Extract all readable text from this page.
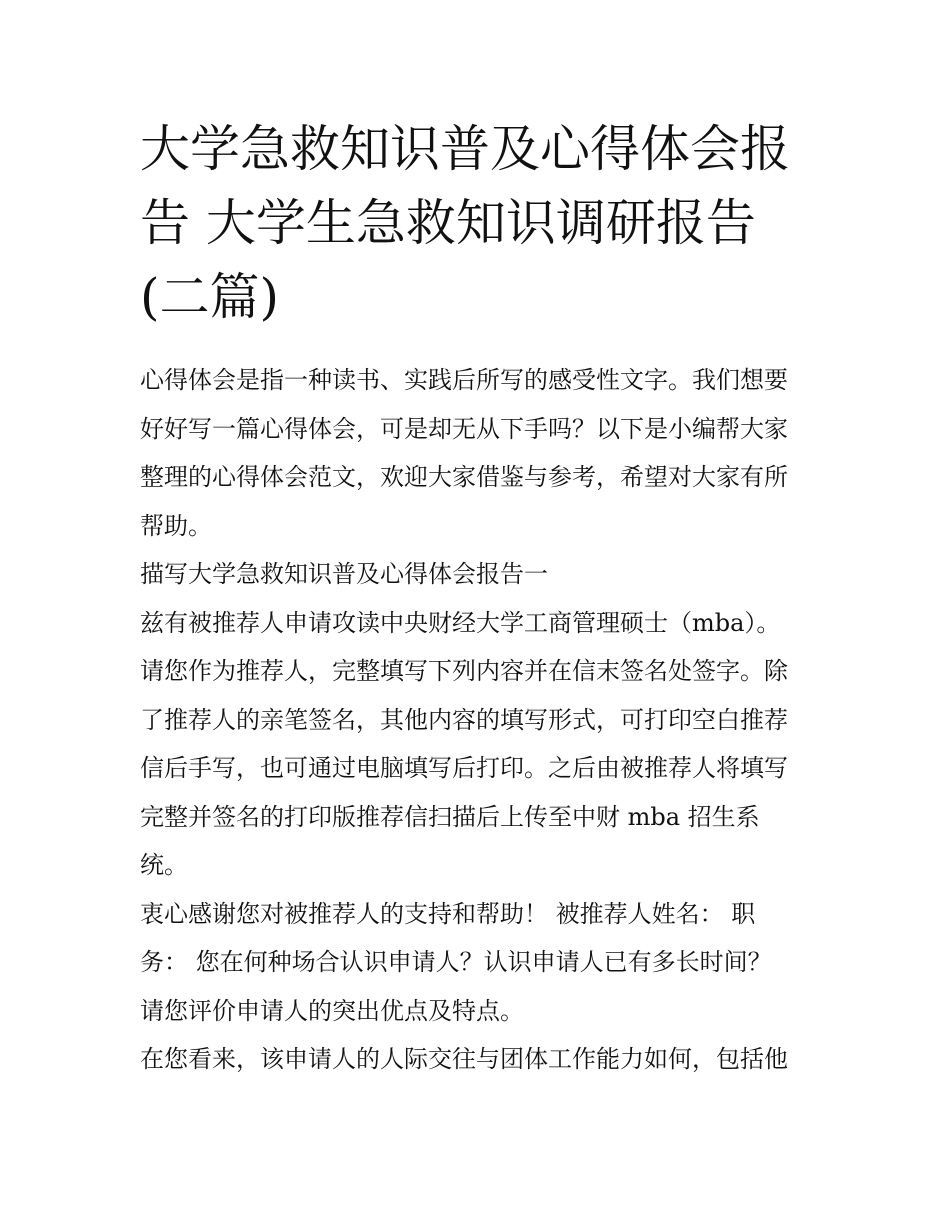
大学急救知识普及心得体会报
告 大学生急救知识调研报告
(二篇)
心得体会是指一种读书、实践后所写的感受性文字。我们想要
好好写一篇心得体会，可是却无从下手吗？以下是小编帮大家
整理的心得体会范文，欢迎大家借鉴与参考，希望对大家有所
帮助。
描写大学急救知识普及心得体会报告一
兹有被推荐人申请攻读中央财经大学工商管理硕士（mba）。
请您作为推荐人，完整填写下列内容并在信末签名处签字。除
了推荐人的亲笔签名，其他内容的填写形式，可打印空白推荐
信后手写，也可通过电脑填写后打印。之后由被推荐人将填写
完整并签名的打印版推荐信扫描后上传至中财 mba 招生系
统。
衷心感谢您对被推荐人的支持和帮助！ 被推荐人姓名： 职
务： 您在何种场合认识申请人？认识申请人已有多长时间？
请您评价申请人的突出优点及特点。
在您看来，该申请人的人际交往与团体工作能力如何，包括他
